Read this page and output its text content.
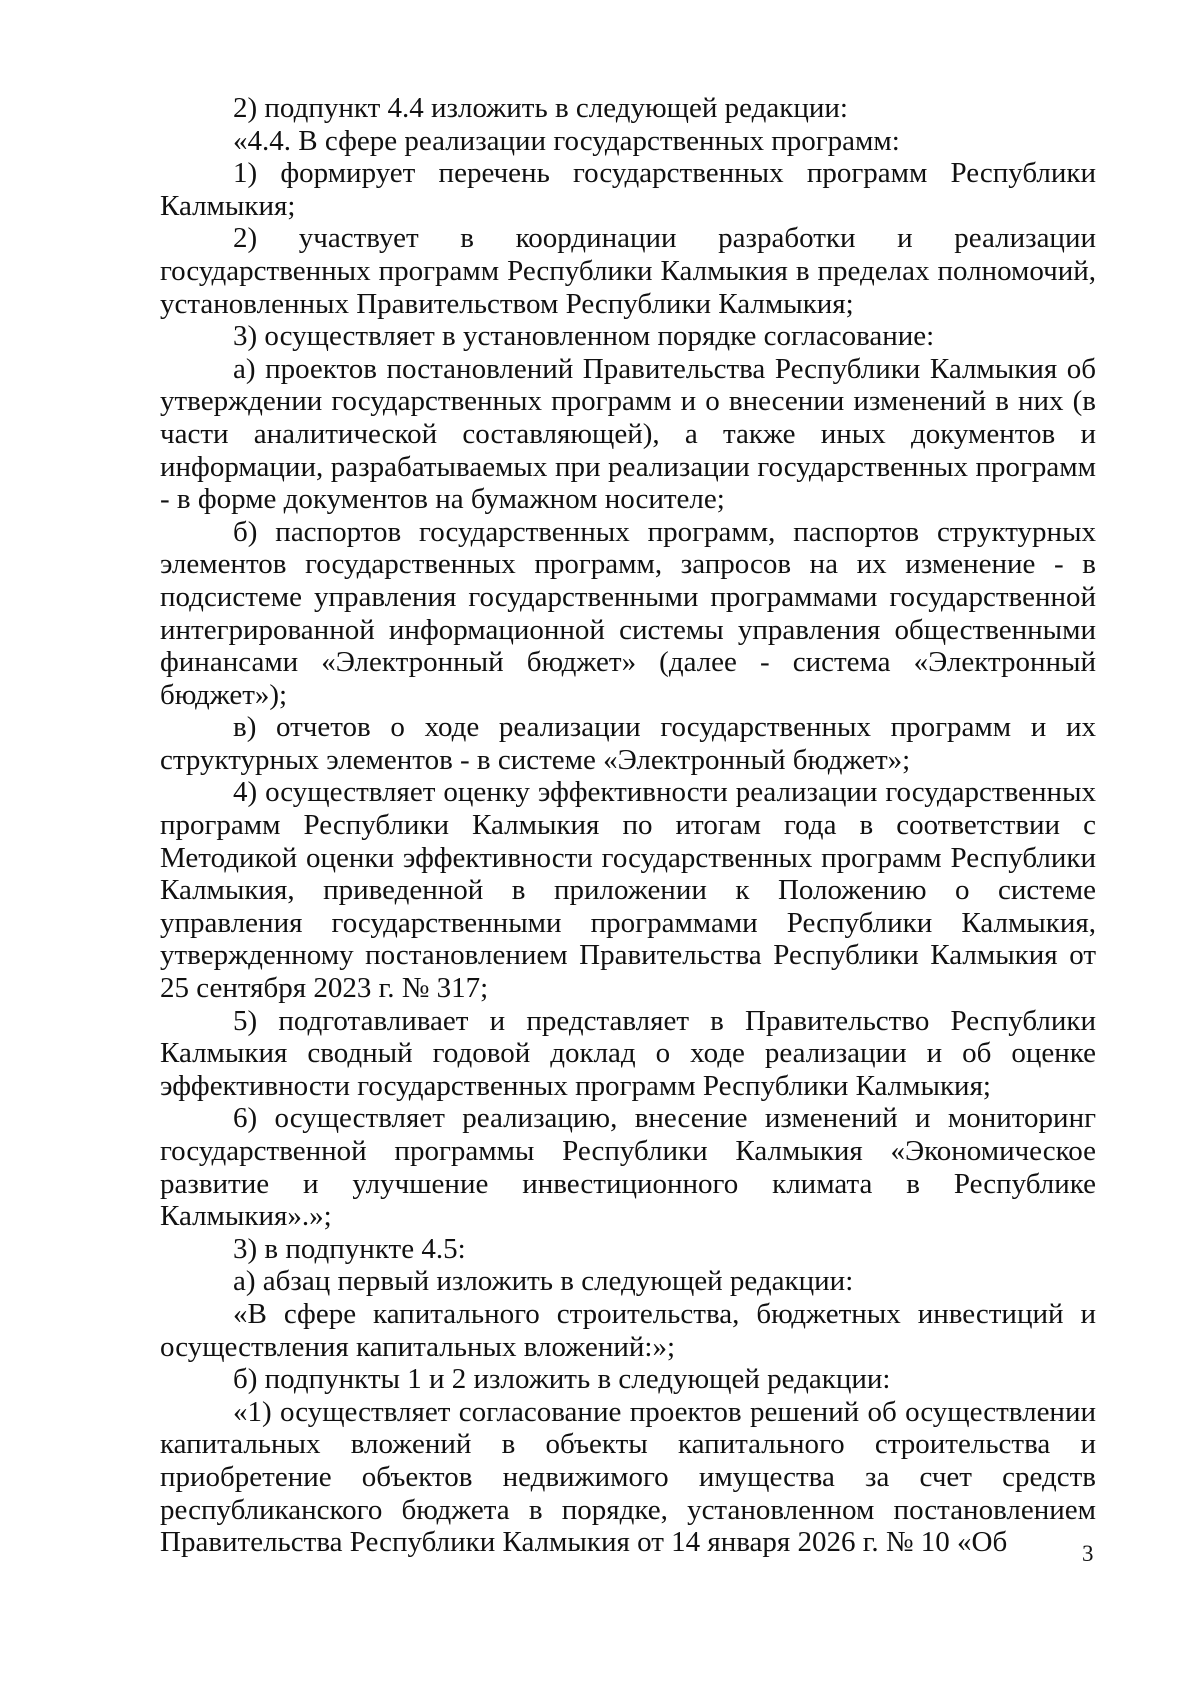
2) подпункт 4.4 изложить в следующей редакции:

«4.4. В сфере реализации государственных программ:

1) формирует перечень государственных программ Республики Калмыкия;

2) участвует в координации разработки и реализации государственных программ Республики Калмыкия в пределах полномочий, установленных Правительством Республики Калмыкия;

3) осуществляет в установленном порядке согласование:

а) проектов постановлений Правительства Республики Калмыкия об утверждении государственных программ и о внесении изменений в них (в части аналитической составляющей), а также иных документов и информации, разрабатываемых при реализации государственных программ - в форме документов на бумажном носителе;

б) паспортов государственных программ, паспортов структурных элементов государственных программ, запросов на их изменение - в подсистеме управления государственными программами государственной интегрированной информационной системы управления общественными финансами «Электронный бюджет» (далее - система «Электронный бюджет»);

в) отчетов о ходе реализации государственных программ и их структурных элементов - в системе «Электронный бюджет»;

4) осуществляет оценку эффективности реализации государственных программ Республики Калмыкия по итогам года в соответствии с Методикой оценки эффективности государственных программ Республики Калмыкия, приведенной в приложении к Положению о системе управления государственными программами Республики Калмыкия, утвержденному постановлением Правительства Республики Калмыкия от 25 сентября 2023 г. № 317;

5) подготавливает и представляет в Правительство Республики Калмыкия сводный годовой доклад о ходе реализации и об оценке эффективности государственных программ Республики Калмыкия;

6) осуществляет реализацию, внесение изменений и мониторинг государственной программы Республики Калмыкия «Экономическое развитие и улучшение инвестиционного климата в Республике Калмыкия».»;

3) в подпункте 4.5:

а) абзац первый изложить в следующей редакции:

«В сфере капитального строительства, бюджетных инвестиций и осуществления капитальных вложений:»;

б) подпункты 1 и 2 изложить в следующей редакции:

«1) осуществляет согласование проектов решений об осуществлении капитальных вложений в объекты капитального строительства и приобретение объектов недвижимого имущества за счет средств республиканского бюджета в порядке, установленном постановлением Правительства Республики Калмыкия от 14 января 2026 г. № 10 «Об	3
